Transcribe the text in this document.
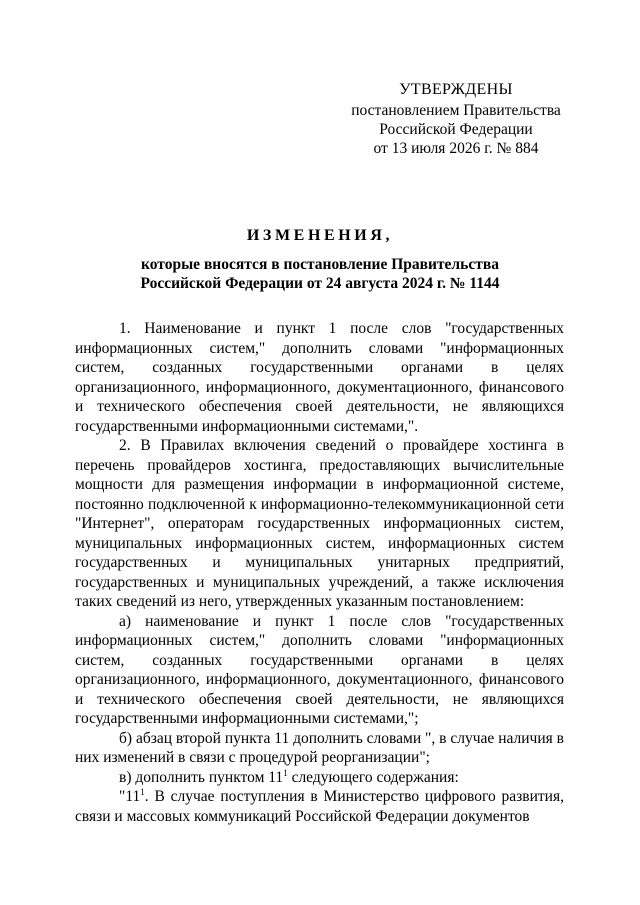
УТВЕРЖДЕНЫ
постановлением Правительства
Российской Федерации
от 13 июля 2026 г. № 884
ИЗМЕНЕНИЯ,
которые вносятся в постановление Правительства
Российской Федерации от 24 августа 2024 г. № 1144

1. Наименование и пункт 1 после слов "государственных информационных систем," дополнить словами "информационных систем, созданных государственными органами в целях организационного, информационного, документационного, финансового и технического обеспечения своей деятельности, не являющихся государственными информационными системами,".

2. В Правилах включения сведений о провайдере хостинга в перечень провайдеров хостинга, предоставляющих вычислительные мощности для размещения информации в информационной системе, постоянно подключенной к информационно-телекоммуникационной сети "Интернет", операторам государственных информационных систем, муниципальных информационных систем, информационных систем государственных и муниципальных унитарных предприятий, государственных и муниципальных учреждений, а также исключения таких сведений из него, утвержденных указанным постановлением:

а) наименование и пункт 1 после слов "государственных информационных систем," дополнить словами "информационных систем, созданных государственными органами в целях организационного, информационного, документационного, финансового и технического обеспечения своей деятельности, не являющихся государственными информационными системами,";

б) абзац второй пункта 11 дополнить словами ", в случае наличия в них изменений в связи с процедурой реорганизации";

в) дополнить пунктом $11^1$ следующего содержания:

"$11^1$. В случае поступления в Министерство цифрового развития, связи и массовых коммуникаций Российской Федерации документов
